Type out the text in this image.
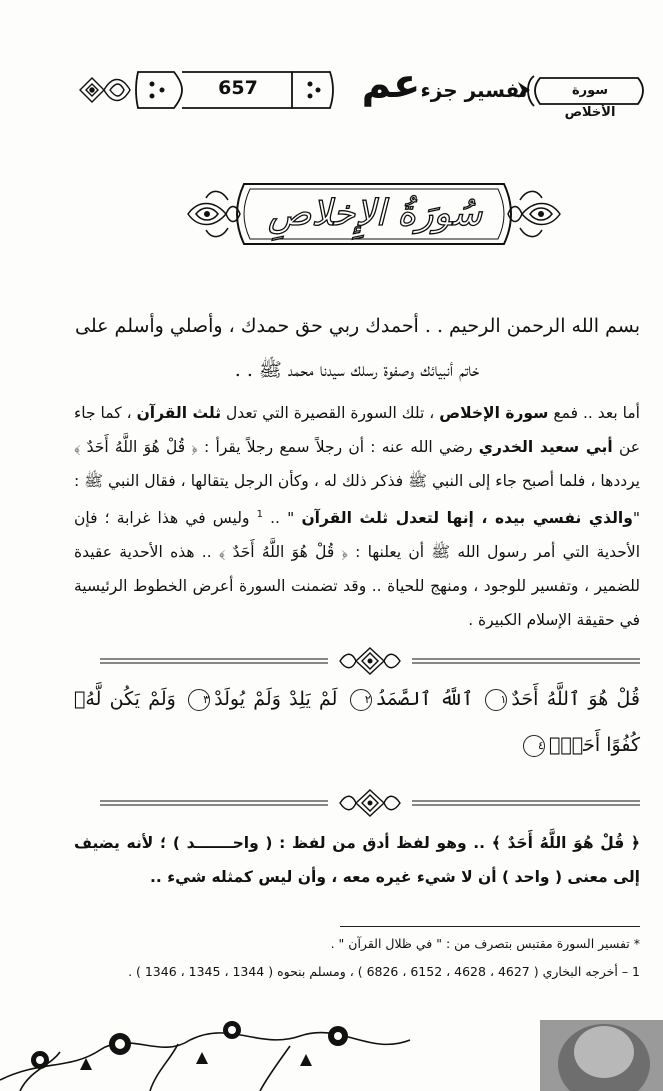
657	عم تفسير جزء	سورة الأخلاص
سُورَةُ الإِخلاصِ

بسم الله الرحمن الرحيم . . أحمدك ربي حق حمدك ، وأصلي وأسلم على

خاتم أنبيائك وصفوة رسلك سيدنا محمد ﷺ . .

أما بعد .. فمع سورة الإخلاص ، تلك السورة القصيرة التي تعدل ثلث القرآن ، كما جاء عن أبي سعيد الخدري رضي الله عنه : أن رجلاً سمع رجلاً يقرأ : ﴿ قُلْ هُوَ اللَّهُ أَحَدٌ ﴾ يرددها ، فلما أصبح جاء إلى النبي ﷺ فذكر ذلك له ، وكأن الرجل يتقالها ، فقال النبي ﷺ : "والذي نفسي بيده ، إنها لتعدل ثلث القرآن " .. $^1$ وليس في هذا غرابة ؛ فإن الأحدية التي أمر رسول الله ﷺ أن يعلنها : ﴿ قُلْ هُوَ اللَّهُ أَحَدٌ ﴾ .. هذه الأحدية عقيدة للضمير ، وتفسير للوجود ، ومنهج للحياة .. وقد تضمنت السورة أعرض الخطوط الرئيسية في حقيقة الإسلام الكبيرة .

قُلْ هُوَ ٱللَّهُ أَحَدٌ١ ٱللَّهُ ٱلصَّمَدُ٢ لَمْ يَلِدْ وَلَمْ يُولَدْ٣ وَلَمْ يَكُن لَّهُۥ كُفُوًا أَحَدٌۢ٤

﴿ قُلْ هُوَ اللَّهُ أَحَدٌ ﴾ .. وهو لفظ أدق من لفظ : ( واحـــــــد ) ؛ لأنه يضيف إلى معنى ( واحد ) أن لا شيء غيره معه ، وأن ليس كمثله شيء ..

* تفسير السورة مقتبس بتصرف من : " في ظلال القرآن " .
1 – أخرجه البخاري ( 4627 ، 4628 ، 6152 ، 6826 ) ، ومسلم بنحوه ( 1344 ، 1345 ، 1346 ) .
